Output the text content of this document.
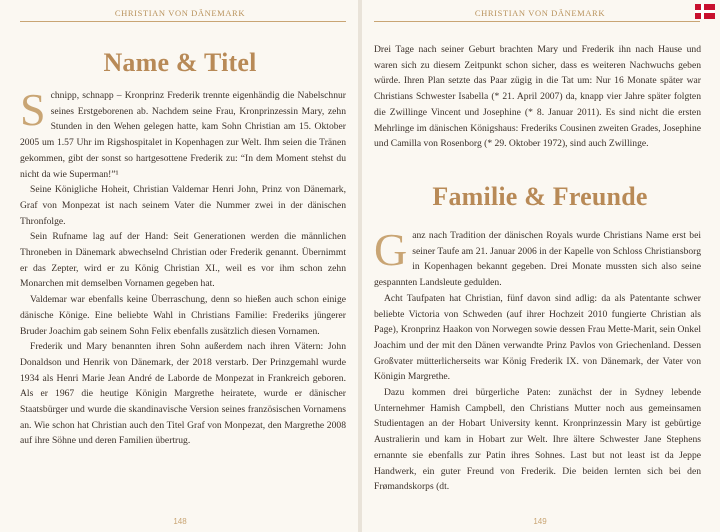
CHRISTIAN VON DÄNEMARK
Name & Titel

Schnipp, schnapp – Kronprinz Frederik trennte eigenhändig die Nabelschnur seines Erstgeborenen ab. Nachdem seine Frau, Kronprinzessin Mary, zehn Stunden in den Wehen gelegen hatte, kam Sohn Christian am 15. Oktober 2005 um 1.57 Uhr im Rigshospitalet in Kopenhagen zur Welt. Ihm seien die Tränen gekommen, gibt der sonst so hartgesottene Frederik zu: “In dem Moment stehst du nicht da wie Superman!”¹

Seine Königliche Hoheit, Christian Valdemar Henri John, Prinz von Dänemark, Graf von Monpezat ist nach seinem Vater die Nummer zwei in der dänischen Thronfolge.

Sein Rufname lag auf der Hand: Seit Generationen werden die männlichen Throneben in Dänemark abwechselnd Christian oder Frederik genannt. Übernimmt er das Zepter, wird er zu König Christian XI., weil es vor ihm schon zehn Monarchen mit demselben Vornamen gegeben hat.

Valdemar war ebenfalls keine Überraschung, denn so hießen auch schon einige dänische Könige. Eine beliebte Wahl in Christians Familie: Frederiks jüngerer Bruder Joachim gab seinem Sohn Felix ebenfalls zusätzlich diesen Vornamen.

Frederik und Mary benannten ihren Sohn außerdem nach ihren Vätern: John Donaldson und Henrik von Dänemark, der 2018 verstarb. Der Prinzgemahl wurde 1934 als Henri Marie Jean André de Laborde de Monpezat in Frankreich geboren. Als er 1967 die heutige Königin Margrethe heiratete, wurde er dänischer Staatsbürger und wurde die skandinavische Version seines französischen Vornamens an. Wie schon hat Christian auch den Titel Graf von Monpezat, den Margrethe 2008 auf ihre Söhne und deren Familien übertrug.

148
CHRISTIAN VON DÄNEMARK

Drei Tage nach seiner Geburt brachten Mary und Frederik ihn nach Hause und waren sich zu diesem Zeitpunkt schon sicher, dass es weiteren Nachwuchs geben würde. Ihren Plan setzte das Paar zügig in die Tat um: Nur 16 Monate später war Christians Schwester Isabella (* 21. April 2007) da, knapp vier Jahre später folgten die Zwillinge Vincent und Josephine (* 8. Januar 2011). Es sind nicht die ersten Mehrlinge im dänischen Königshaus: Frederiks Cousinen zweiten Grades, Josephine und Camilla von Rosenborg (* 29. Oktober 1972), sind auch Zwillinge.

Familie & Freunde

Ganz nach Tradition der dänischen Royals wurde Christians Name erst bei seiner Taufe am 21. Januar 2006 in der Kapelle von Schloss Christiansborg in Kopenhagen bekannt gegeben. Drei Monate mussten sich also seine gespannten Landsleute gedulden.

Acht Taufpaten hat Christian, fünf davon sind adlig: da als Patentante schwer beliebte Victoria von Schweden (auf ihrer Hochzeit 2010 fungierte Christian als Page), Kronprinz Haakon von Norwegen sowie dessen Frau Mette-Marit, sein Onkel Joachim und der mit den Dänen verwandte Prinz Pavlos von Griechenland. Dessen Großvater mütterlicherseits war König Frederik IX. von Dänemark, der Vater von Königin Margrethe.

Dazu kommen drei bürgerliche Paten: zunächst der in Sydney lebende Unternehmer Hamish Campbell, den Christians Mutter noch aus gemeinsamen Studientagen an der Hobart University kennt. Kronprinzessin Mary ist gebürtige Australierin und kam in Hobart zur Welt. Ihre ältere Schwester Jane Stephens ernannte sie ebenfalls zur Patin ihres Sohnes. Last but not least ist da Jeppe Handwerk, ein guter Freund von Frederik. Die beiden lernten sich bei den Frømandskorps (dt.

149
